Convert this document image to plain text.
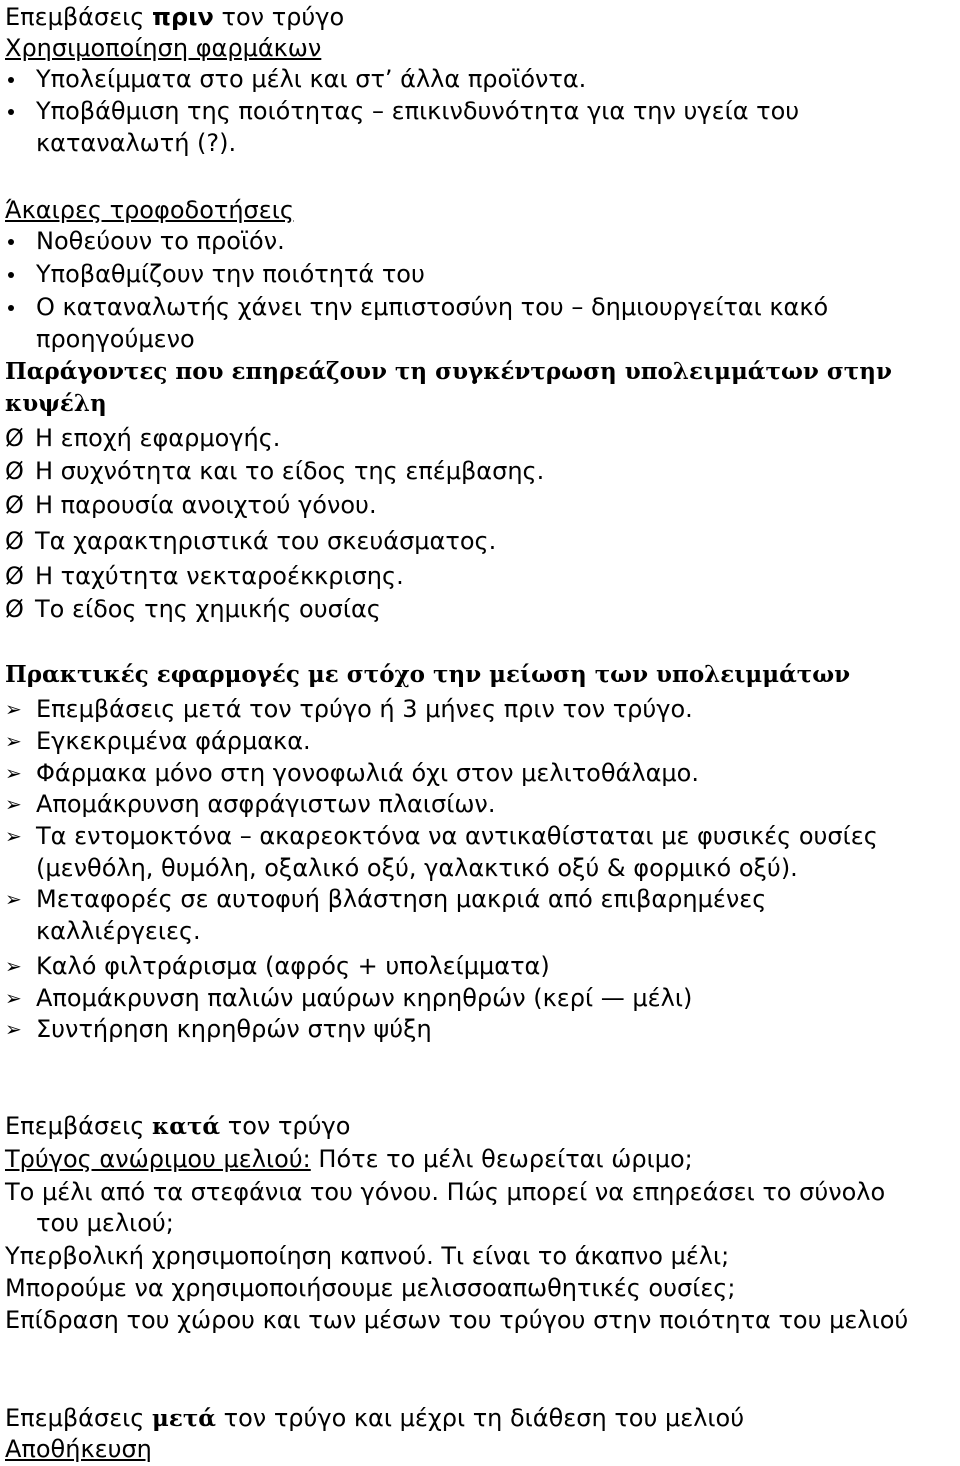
Επεμβάσεις πριν τον τρύγο
Χρησιμοποίηση φαρμάκων
Υπολείμματα στο μέλι και στ’ άλλα προϊόντα.
Υποβάθμιση της ποιότητας – επικινδυνότητα για την υγεία του
καταναλωτή (?).
Άκαιρες τροφοδοτήσεις
Νοθεύουν το προϊόν.
Υποβαθμίζουν την ποιότητά του
Ο καταναλωτής χάνει την εμπιστοσύνη του – δημιουργείται κακό
προηγούμενο
Παράγοντες που επηρεάζουν τη συγκέντρωση υπολειμμάτων στην
κυψέλη
Ø Η εποχή εφαρμογής.
Ø Η συχνότητα και το είδος της επέμβασης.
Ø Η παρουσία ανοιχτού γόνου.
Ø Τα χαρακτηριστικά του σκευάσματος.
Ø Η ταχύτητα νεκταροέκκρισης.
Ø Το είδος της χημικής ουσίας
Πρακτικές εφαρμογές με στόχο την μείωση των υπολειμμάτων
➢ Επεμβάσεις μετά τον τρύγο ή 3 μήνες πριν τον τρύγο.
➢ Εγκεκριμένα φάρμακα.
➢ Φάρμακα μόνο στη γονοφωλιά όχι στον μελιτοθάλαμο.
➢ Απομάκρυνση ασφράγιστων πλαισίων.
➢ Τα εντομοκτόνα – ακαρεοκτόνα να αντικαθίσταται με φυσικές ουσίες
(μενθόλη, θυμόλη, οξαλικό οξύ, γαλακτικό οξύ & φορμικό οξύ).
➢ Μεταφορές σε αυτοφυή βλάστηση μακριά από επιβαρημένες
καλλιέργειες.
➢ Καλό φιλτράρισμα (αφρός + υπολείμματα)
➢ Απομάκρυνση παλιών μαύρων κηρηθρών (κερί — μέλι)
➢ Συντήρηση κηρηθρών στην ψύξη
Επεμβάσεις κατά τον τρύγο
Τρύγος ανώριμου μελιού: Πότε το μέλι θεωρείται ώριμο;
Το μέλι από τα στεφάνια του γόνου. Πώς μπορεί να επηρεάσει το σύνολο
του μελιού;
Υπερβολική χρησιμοποίηση καπνού. Τι είναι το άκαπνο μέλι;
Μπορούμε να χρησιμοποιήσουμε μελισσοαπωθητικές ουσίες;
Επίδραση του χώρου και των μέσων του τρύγου στην ποιότητα του μελιού
Επεμβάσεις μετά τον τρύγο και μέχρι τη διάθεση του μελιού
Αποθήκευση
